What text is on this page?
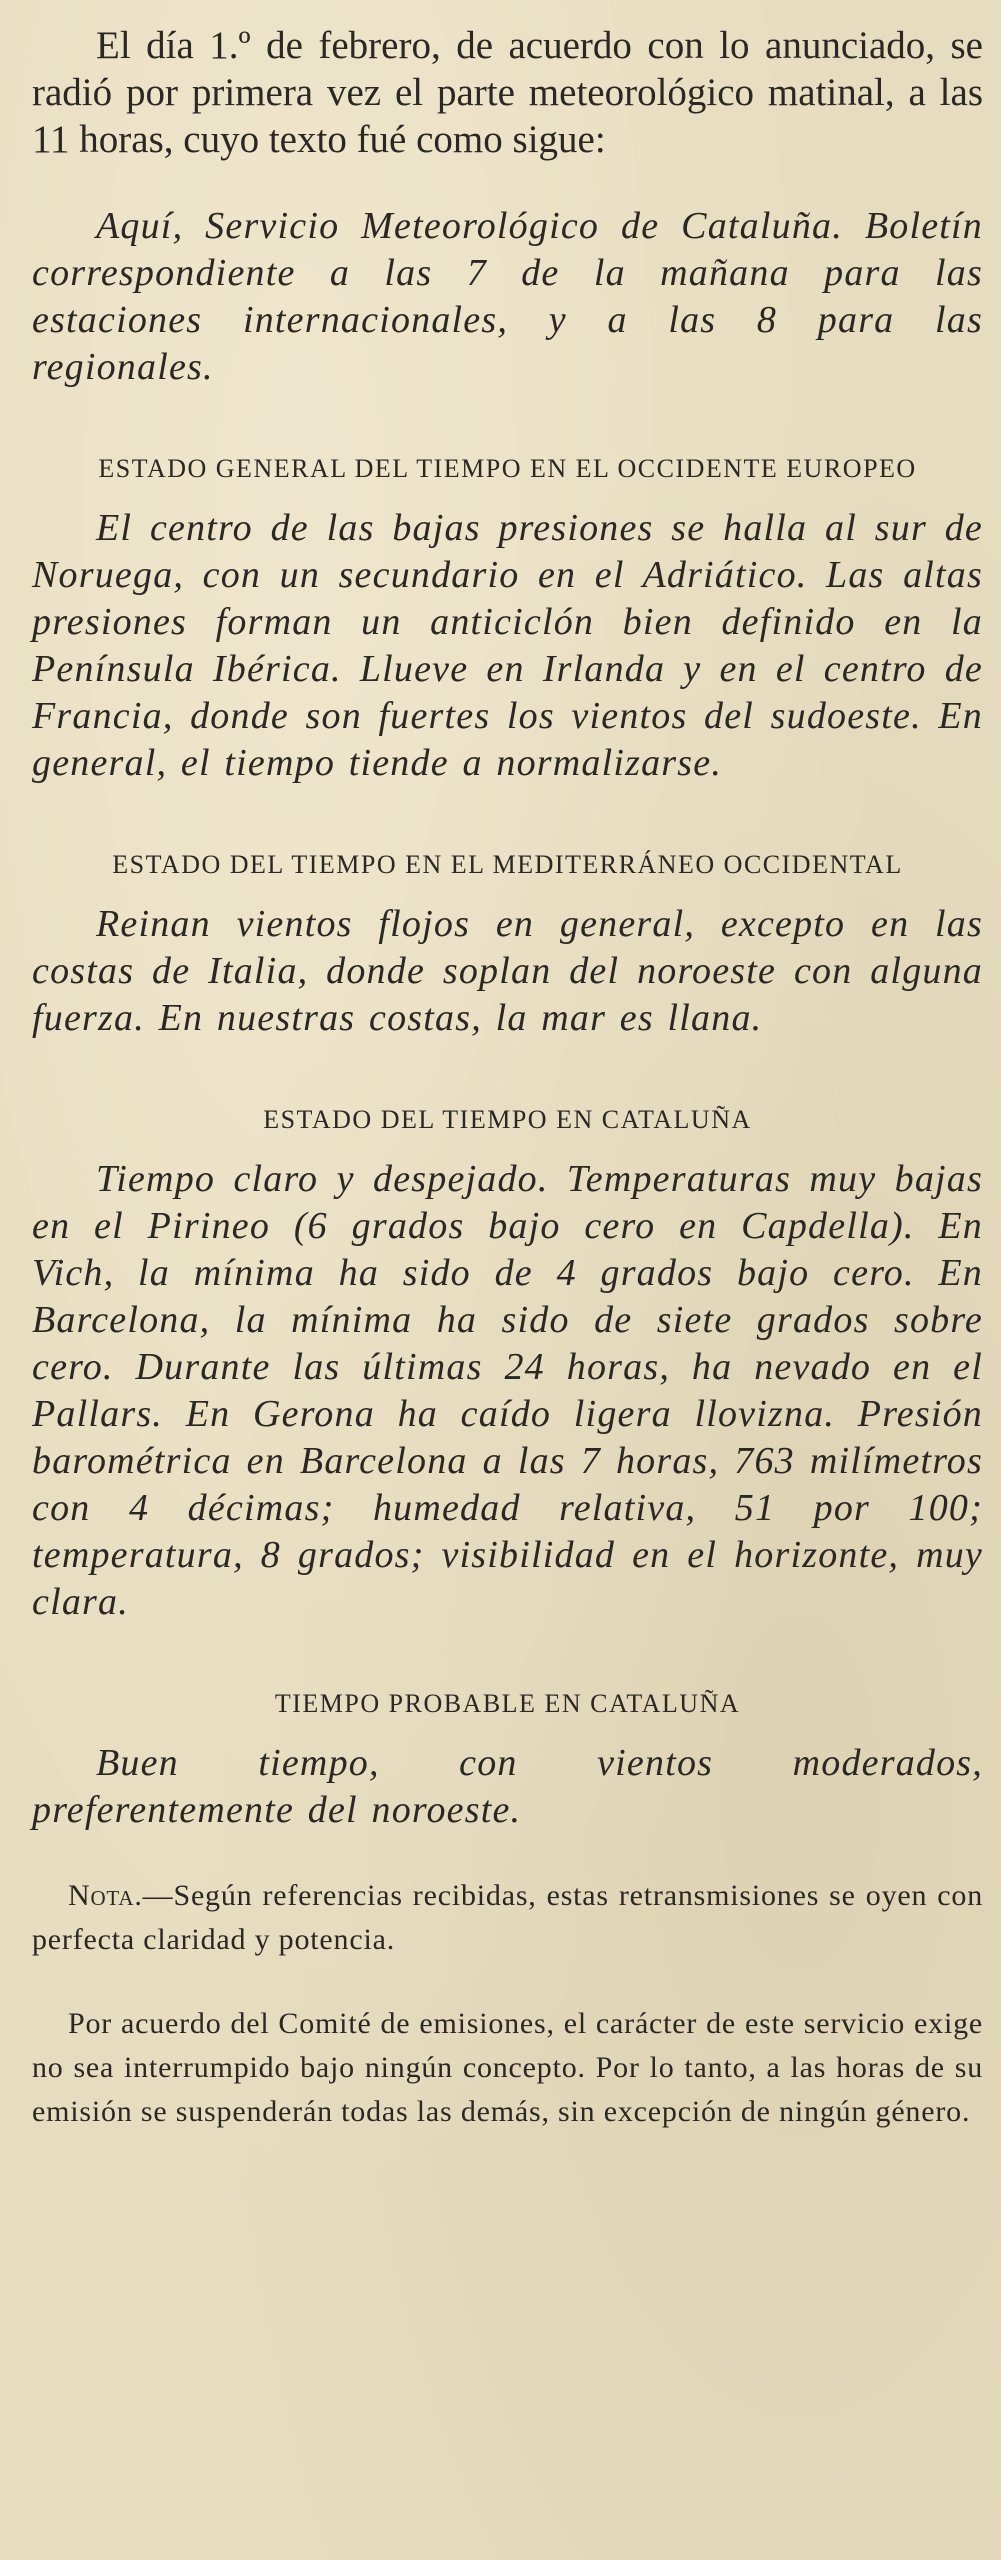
El día 1.º de febrero, de acuerdo con lo anunciado, se radió por primera vez el parte meteorológico matinal, a las 11 horas, cuyo texto fué como sigue:

Aquí, Servicio Meteorológico de Cataluña. Boletín correspondiente a las 7 de la mañana para las estaciones internacionales, y a las 8 para las regionales.

ESTADO GENERAL DEL TIEMPO EN EL OCCIDENTE EUROPEO

El centro de las bajas presiones se halla al sur de Noruega, con un secundario en el Adriático. Las altas presiones forman un anticiclón bien definido en la Península Ibérica. Llueve en Irlanda y en el centro de Francia, donde son fuertes los vientos del sudoeste. En general, el tiempo tiende a normalizarse.

ESTADO DEL TIEMPO EN EL MEDITERRÁNEO OCCIDENTAL

Reinan vientos flojos en general, excepto en las costas de Italia, donde soplan del noroeste con alguna fuerza. En nuestras costas, la mar es llana.

ESTADO DEL TIEMPO EN CATALUÑA

Tiempo claro y despejado. Temperaturas muy bajas en el Pirineo (6 grados bajo cero en Capdella). En Vich, la mínima ha sido de 4 grados bajo cero. En Barcelona, la mínima ha sido de siete grados sobre cero. Durante las últimas 24 horas, ha nevado en el Pallars. En Gerona ha caído ligera llovizna. Presión barométrica en Barcelona a las 7 horas, 763 milímetros con 4 décimas; humedad relativa, 51 por 100; temperatura, 8 grados; visibilidad en el horizonte, muy clara.

TIEMPO PROBABLE EN CATALUÑA

Buen tiempo, con vientos moderados, preferentemente del noroeste.

Nota.—Según referencias recibidas, estas retransmisiones se oyen con perfecta claridad y potencia.

Por acuerdo del Comité de emisiones, el carácter de este servicio exige no sea interrumpido bajo ningún concepto. Por lo tanto, a las horas de su emisión se suspenderán todas las demás, sin excepción de ningún género.
